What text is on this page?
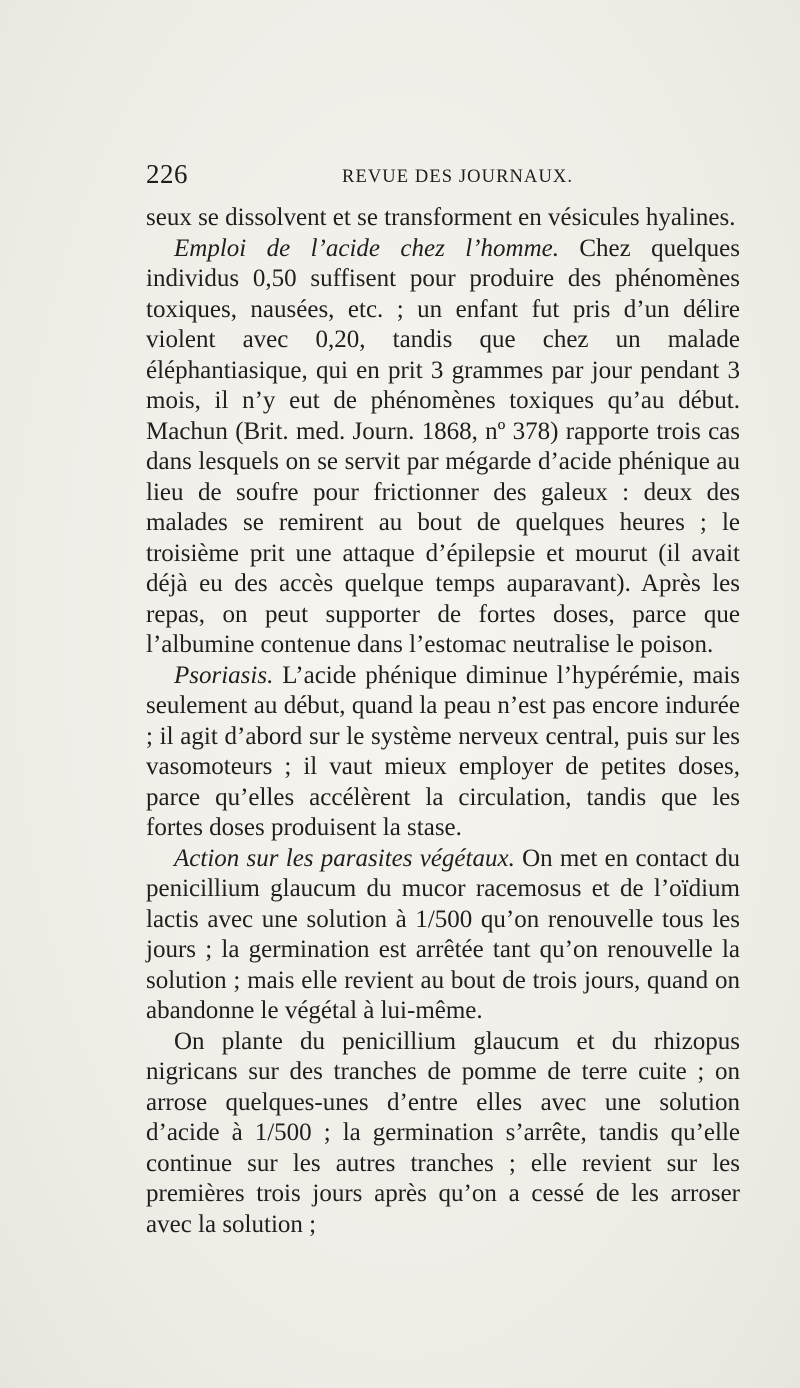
226	REVUE DES JOURNAUX.

seux se dissolvent et se transforment en vésicules hyalines.

Emploi de l’acide chez l’homme. Chez quelques individus 0,50 suffisent pour produire des phénomènes toxiques, nausées, etc. ; un enfant fut pris d’un délire violent avec 0,20, tandis que chez un malade éléphantiasique, qui en prit 3 grammes par jour pendant 3 mois, il n’y eut de phénomènes toxiques qu’au début. Machun (Brit. med. Journ. 1868, nº 378) rapporte trois cas dans lesquels on se servit par mégarde d’acide phénique au lieu de soufre pour frictionner des galeux : deux des malades se remirent au bout de quelques heures ; le troisième prit une attaque d’épilepsie et mourut (il avait déjà eu des accès quelque temps auparavant). Après les repas, on peut supporter de fortes doses, parce que l’albumine contenue dans l’estomac neutralise le poison.

Psoriasis. L’acide phénique diminue l’hypérémie, mais seulement au début, quand la peau n’est pas encore indurée ; il agit d’abord sur le système nerveux central, puis sur les vasomoteurs ; il vaut mieux employer de petites doses, parce qu’elles accélèrent la circulation, tandis que les fortes doses produisent la stase.

Action sur les parasites végétaux. On met en contact du penicillium glaucum du mucor racemosus et de l’oïdium lactis avec une solution à 1/500 qu’on renouvelle tous les jours ; la germination est arrêtée tant qu’on renouvelle la solution ; mais elle revient au bout de trois jours, quand on abandonne le végétal à lui-même.

On plante du penicillium glaucum et du rhizopus nigricans sur des tranches de pomme de terre cuite ; on arrose quelques-unes d’entre elles avec une solution d’acide à 1/500 ; la germination s’arrête, tandis qu’elle continue sur les autres tranches ; elle revient sur les premières trois jours après qu’on a cessé de les arroser avec la solution ;
